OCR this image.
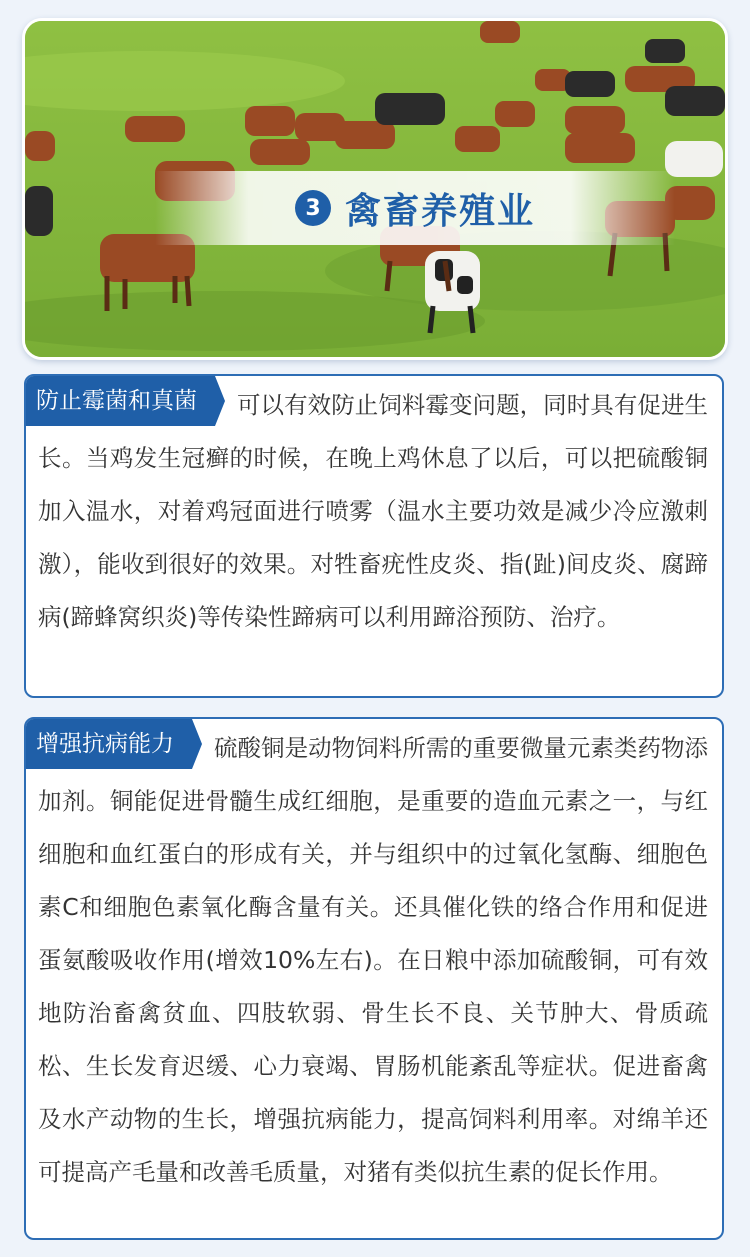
3 禽畜养殖业
防止霉菌和真菌	可以有效防止饲料霉变问题，同时具有促进生长。当鸡发生冠癣的时候，在晚上鸡休息了以后，可以把硫酸铜加入温水，对着鸡冠面进行喷雾（温水主要功效是减少冷应激刺激），能收到很好的效果。对牲畜疣性皮炎、指(趾)间皮炎、腐蹄病(蹄蜂窝织炎)等传染性蹄病可以利用蹄浴预防、治疗。
增强抗病能力	硫酸铜是动物饲料所需的重要微量元素类药物添加剂。铜能促进骨髓生成红细胞，是重要的造血元素之一，与红细胞和血红蛋白的形成有关，并与组织中的过氧化氢酶、细胞色素C和细胞色素氧化酶含量有关。还具催化铁的络合作用和促进蛋氨酸吸收作用(增效10%左右)。在日粮中添加硫酸铜，可有效地防治畜禽贫血、四肢软弱、骨生长不良、关节肿大、骨质疏松、生长发育迟缓、心力衰竭、胃肠机能紊乱等症状。促进畜禽及水产动物的生长，增强抗病能力，提高饲料利用率。对绵羊还可提高产毛量和改善毛质量，对猪有类似抗生素的促长作用。
